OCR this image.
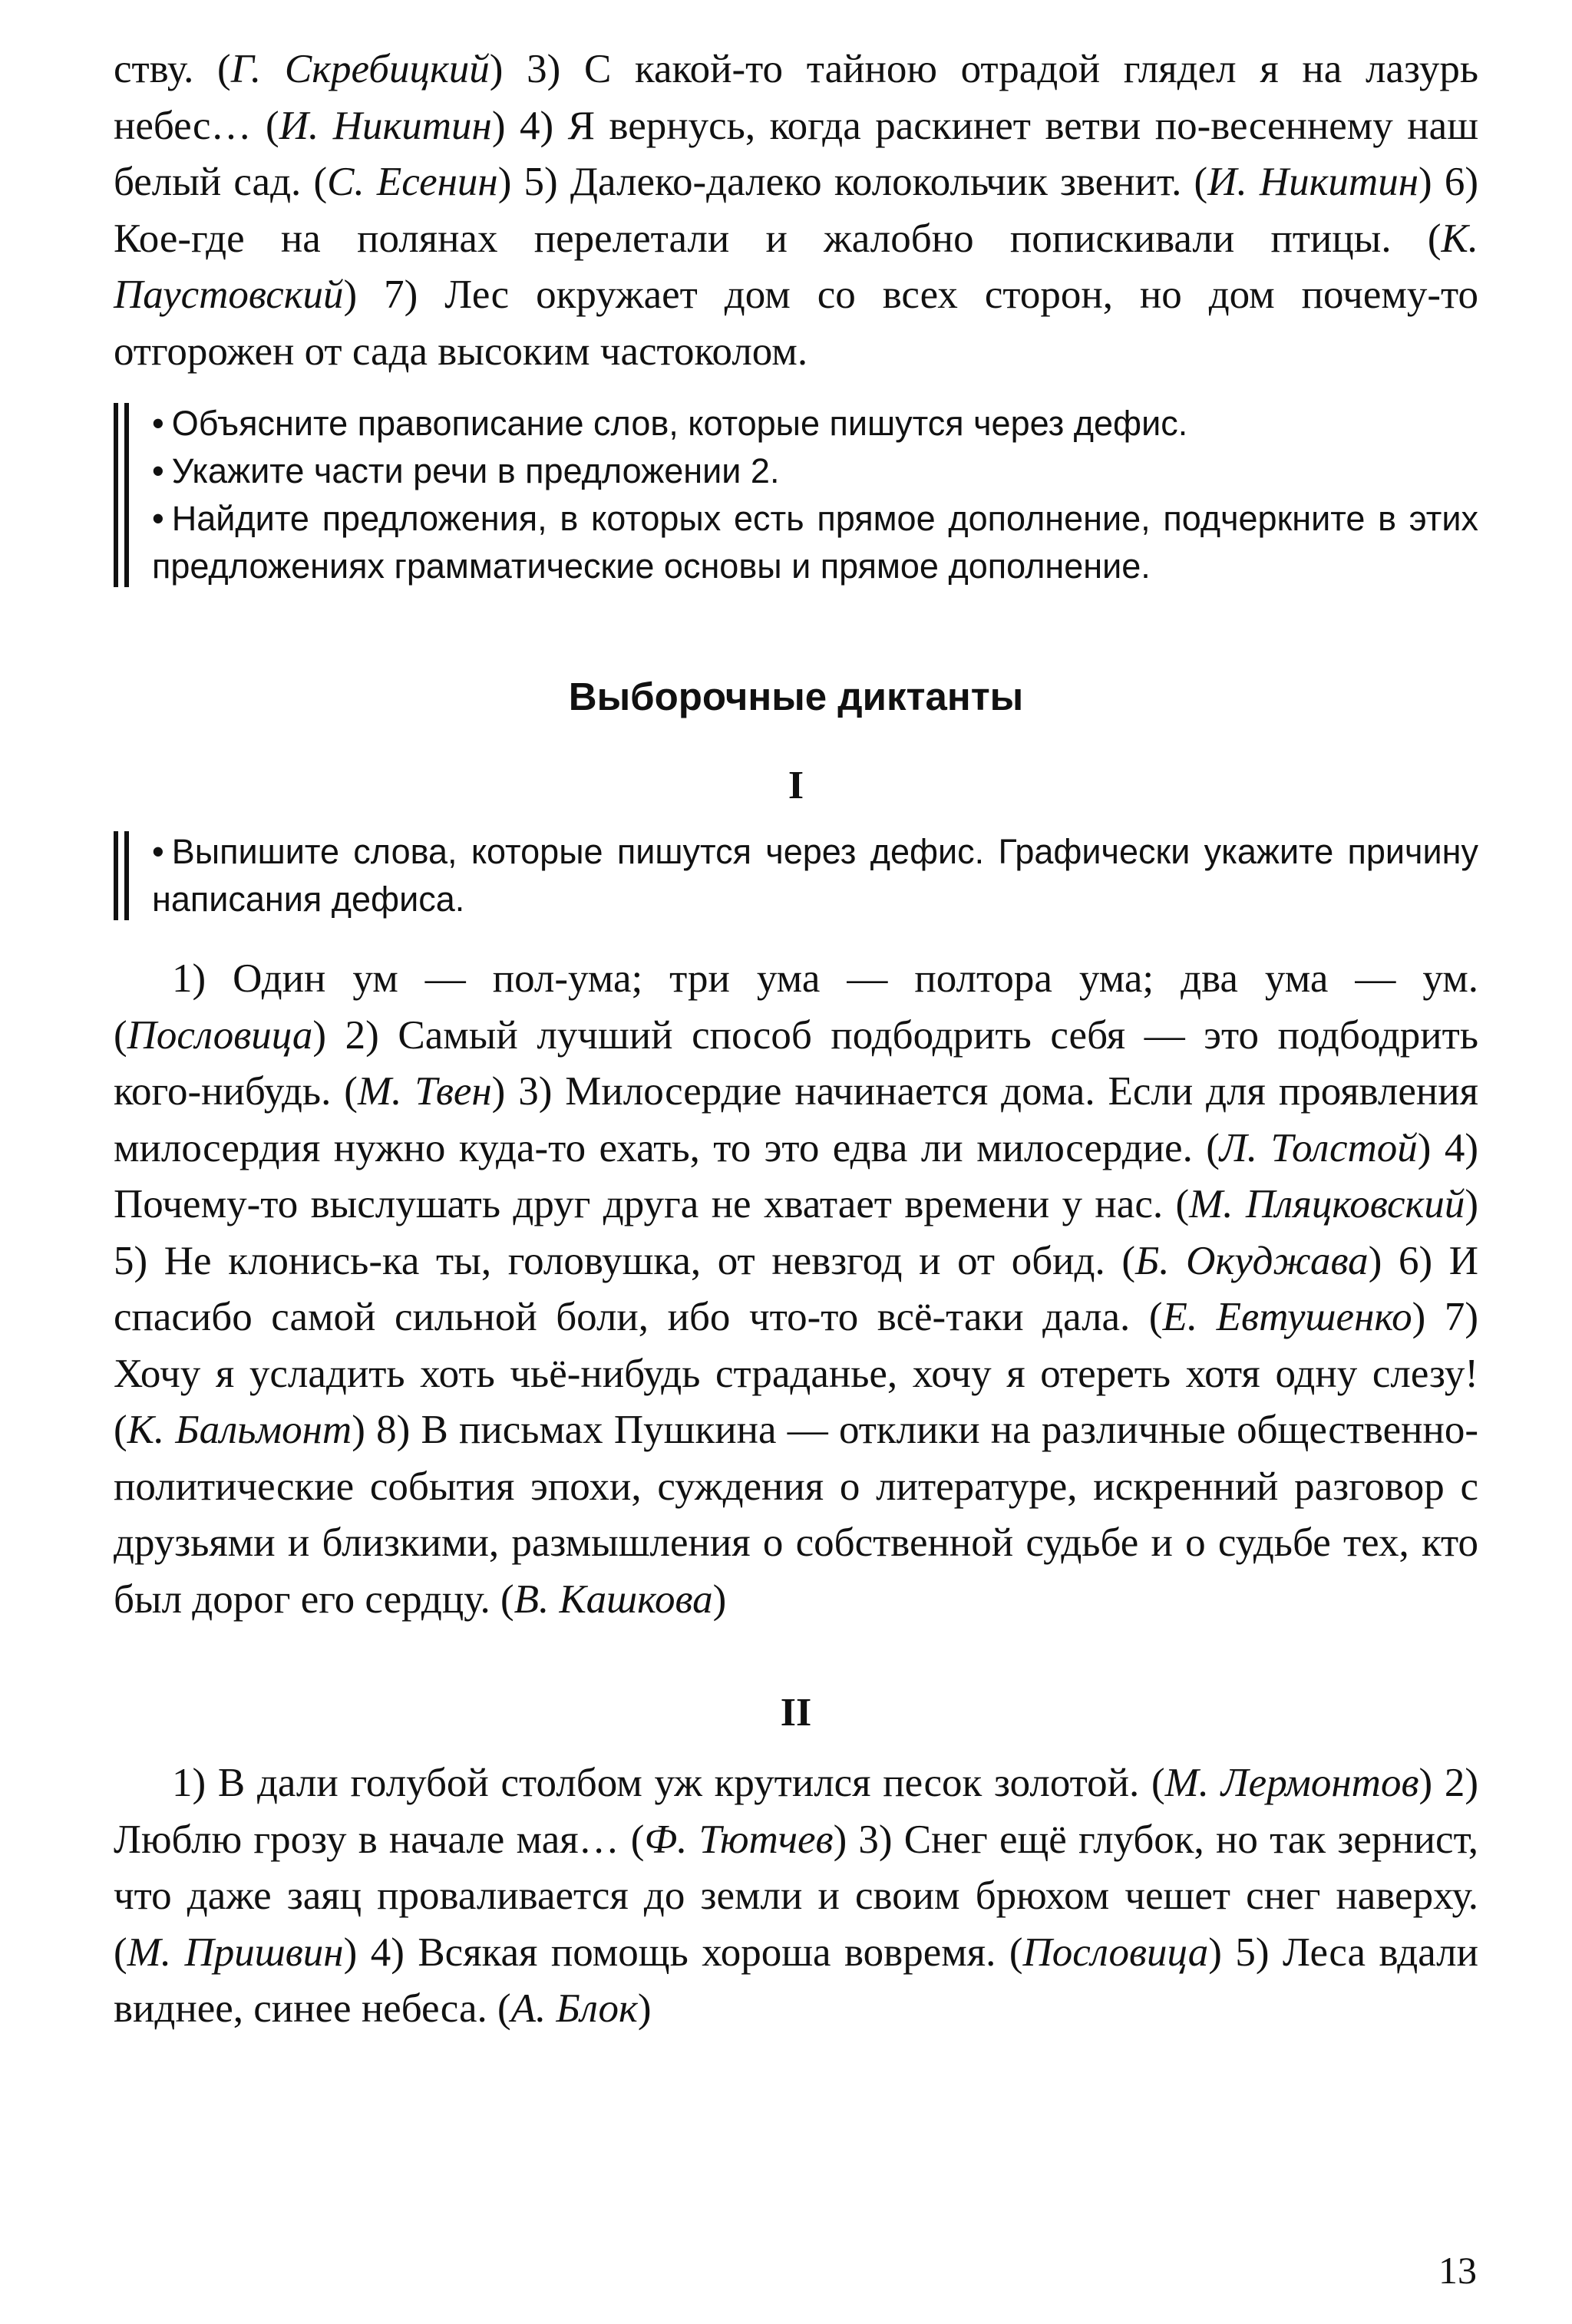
ству. (Г. Скребицкий) 3) С какой-то тайною отрадой глядел я на лазурь небес… (И. Никитин) 4) Я вернусь, когда раскинет ветви по-весеннему наш белый сад. (С. Есенин) 5) Далеко-далеко колокольчик звенит. (И. Никитин) 6) Кое-где на полянах перелетали и жалобно попискивали птицы. (К. Паустовский) 7) Лес окружает дом со всех сторон, но дом почему-то отгорожен от сада высоким частоколом.

• Объясните правописание слов, которые пишутся через дефис.

• Укажите части речи в предложении 2.

• Найдите предложения, в которых есть прямое дополнение, подчеркните в этих предложениях грамматические основы и прямое дополнение.

Выборочные диктанты
I

• Выпишите слова, которые пишутся через дефис. Графически укажите причину написания дефиса.

1) Один ум — пол-ума; три ума — полтора ума; два ума — ум. (Пословица) 2) Самый лучший способ подбодрить себя — это подбодрить кого-нибудь. (М. Твен) 3) Милосердие начинается дома. Если для проявления милосердия нужно куда-то ехать, то это едва ли милосердие. (Л. Толстой) 4) Почему-то выслушать друг друга не хватает времени у нас. (М. Пляцковский) 5) Не клонись-ка ты, головушка, от невзгод и от обид. (Б. Окуджава) 6) И спасибо самой сильной боли, ибо что-то всё-таки дала. (Е. Евтушенко) 7) Хочу я усладить хоть чьё-нибудь страданье, хочу я отереть хотя одну слезу! (К. Бальмонт) 8) В письмах Пушкина — отклики на различные общественно-политические события эпохи, суждения о литературе, искренний разговор с друзьями и близкими, размышления о собственной судьбе и о судьбе тех, кто был дорог его сердцу. (В. Кашкова)

II

1) В дали голубой столбом уж крутился песок золотой. (М. Лермонтов) 2) Люблю грозу в начале мая… (Ф. Тютчев) 3) Снег ещё глубок, но так зернист, что даже заяц проваливается до земли и своим брюхом чешет снег наверху. (М. Пришвин) 4) Всякая помощь хороша вовремя. (Пословица) 5) Леса вдали виднее, синее небеса. (А. Блок)

13
